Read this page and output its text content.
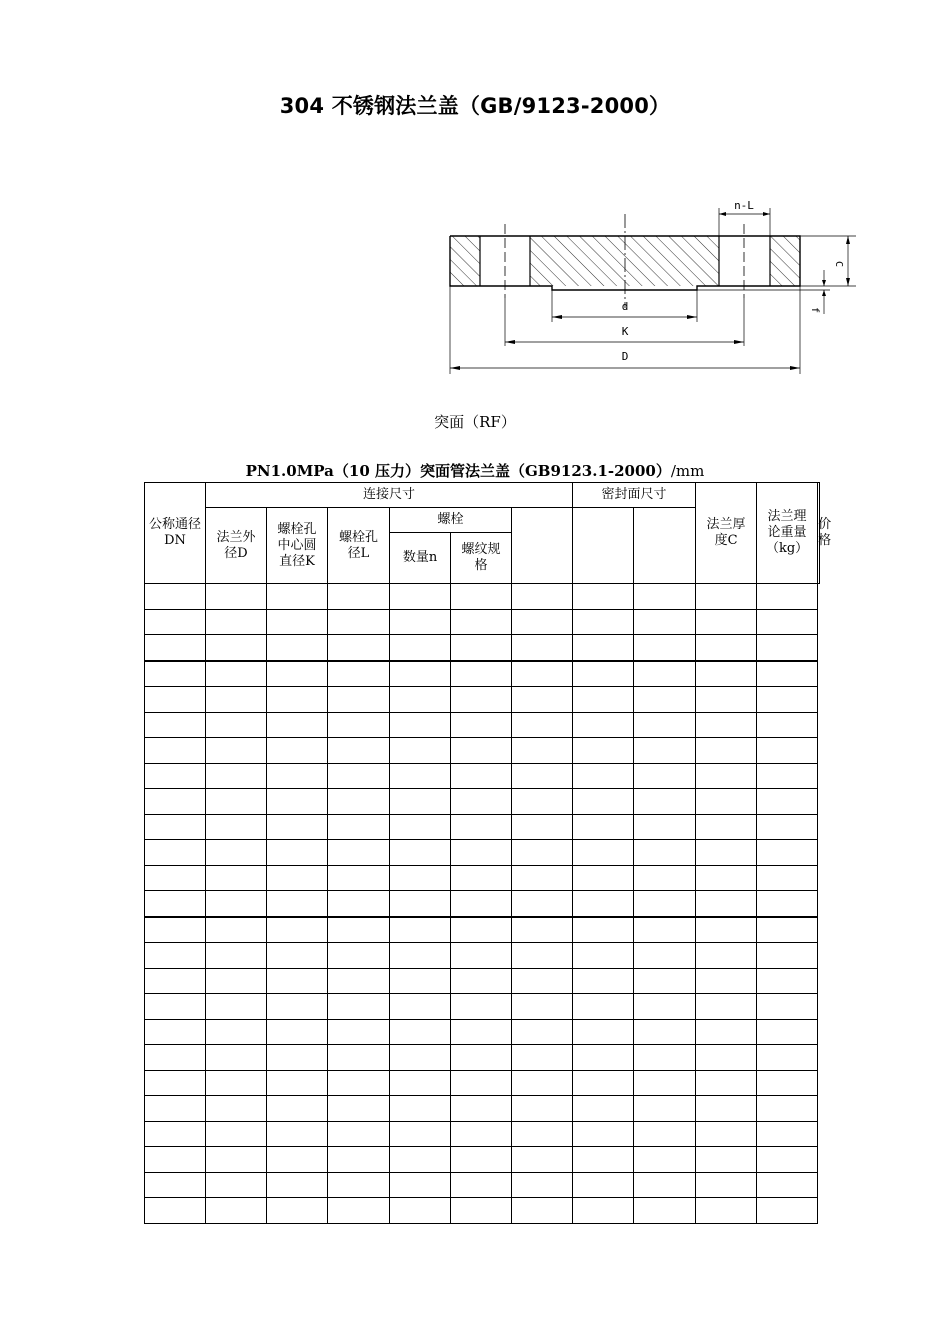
304 不锈钢法兰盖（GB/9123-2000）
n-L
d
K
D
C
f
突面（RF）
PN1.0MPa（10 压力）突面管法兰盖（GB9123.1-2000）/mm
公称通径DN	连接尺寸						密封面尺寸		法兰厚度C	法兰理论重量（kg）	价格
	法兰外径D	螺栓孔中心圆直径K	螺栓孔径L	螺栓							
				数量n	螺纹规格						
